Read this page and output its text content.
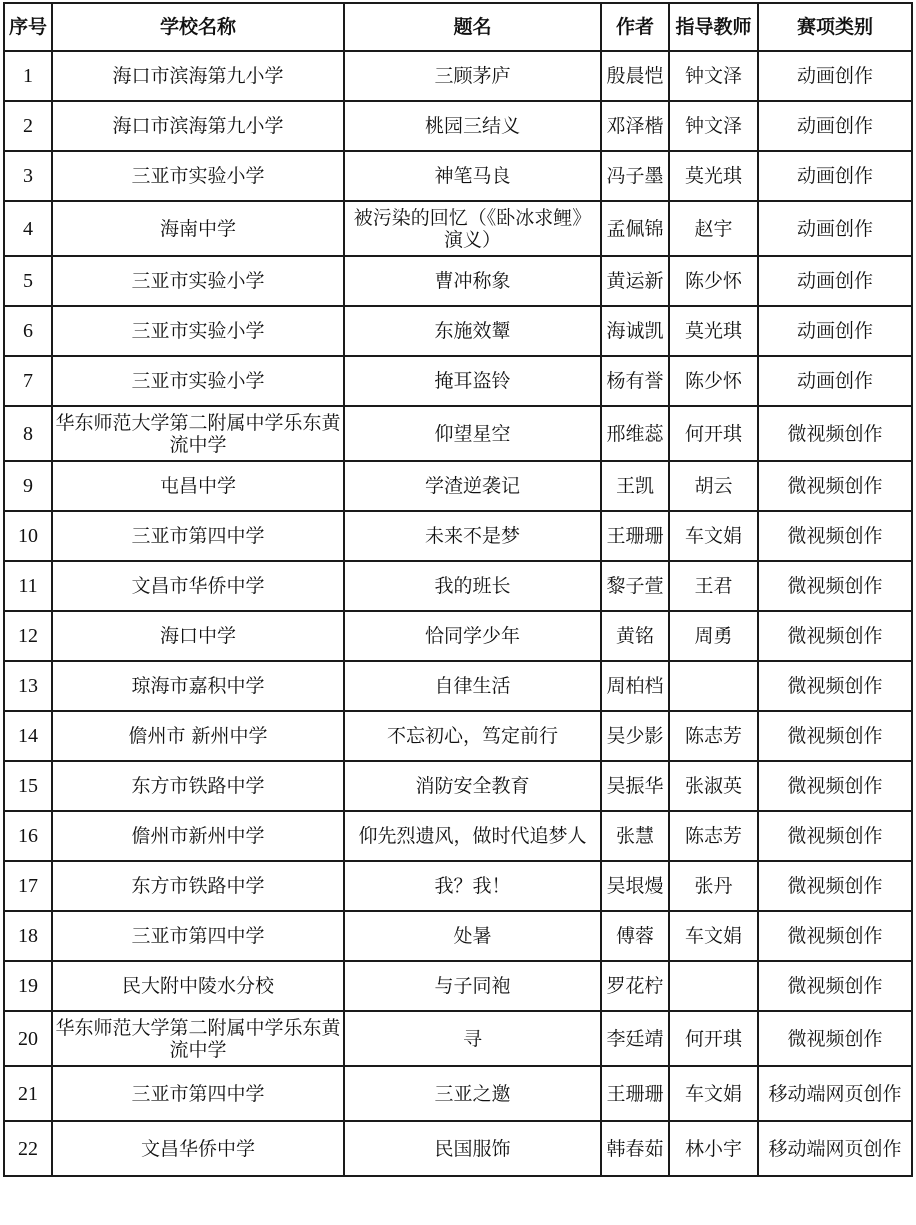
序号	学校名称	题名	作者	指导教师	赛项类别
1	海口市滨海第九小学	三顾茅庐	殷晨恺	钟文泽	动画创作
2	海口市滨海第九小学	桃园三结义	邓泽楷	钟文泽	动画创作
3	三亚市实验小学	神笔马良	冯子墨	莫光琪	动画创作
4	海南中学	被污染的回忆（《卧冰求鲤》演义）	孟佩锦	赵宇	动画创作
5	三亚市实验小学	曹冲称象	黄运新	陈少怀	动画创作
6	三亚市实验小学	东施效颦	海诚凯	莫光琪	动画创作
7	三亚市实验小学	掩耳盗铃	杨有誉	陈少怀	动画创作
8	华东师范大学第二附属中学乐东黄流中学	仰望星空	邢维蕊	何开琪	微视频创作
9	屯昌中学	学渣逆袭记	王凯	胡云	微视频创作
10	三亚市第四中学	未来不是梦	王珊珊	车文娟	微视频创作
11	文昌市华侨中学	我的班长	黎子萱	王君	微视频创作
12	海口中学	恰同学少年	黄铭	周勇	微视频创作
13	琼海市嘉积中学	自律生活	周柏档		微视频创作
14	儋州市 新州中学	不忘初心，笃定前行	吴少影	陈志芳	微视频创作
15	东方市铁路中学	消防安全教育	吴振华	张淑英	微视频创作
16	儋州市新州中学	仰先烈遗风，做时代追梦人	张慧	陈志芳	微视频创作
17	东方市铁路中学	我？我！	吴垠熳	张丹	微视频创作
18	三亚市第四中学	处暑	傅蓉	车文娟	微视频创作
19	民大附中陵水分校	与子同袍	罗花柠		微视频创作
20	华东师范大学第二附属中学乐东黄流中学	寻	李廷靖	何开琪	微视频创作
21	三亚市第四中学	三亚之邀	王珊珊	车文娟	移动端网页创作
22	文昌华侨中学	民国服饰	韩春茹	林小宇	移动端网页创作
